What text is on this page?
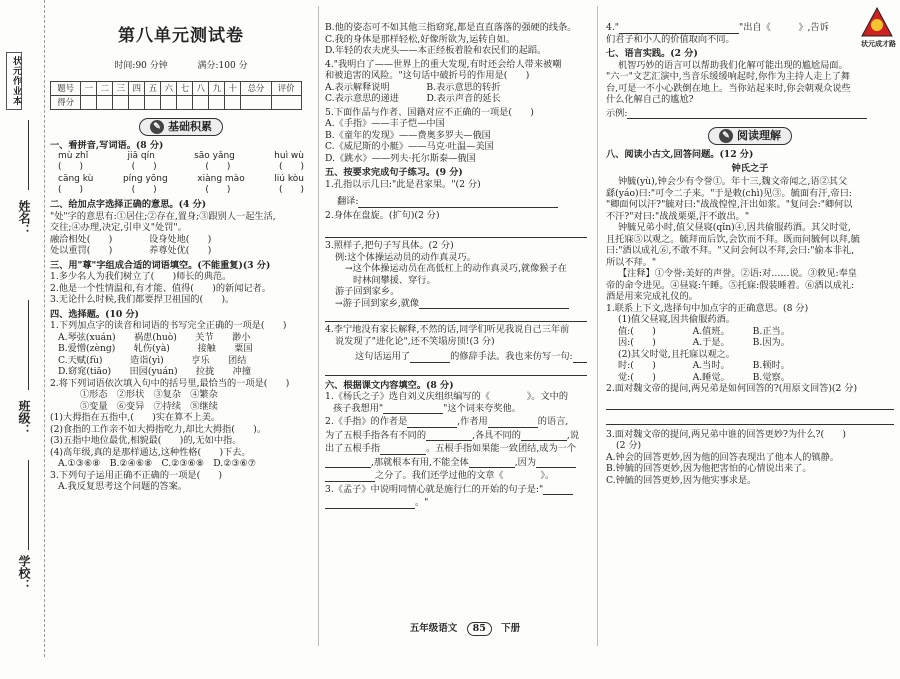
状元作业本
姓名：
班级：
学校：
第八单元测试卷
时间:90 分钟	满分:100 分
题号	一	二	三	四	五	六	七	八	九	十	总分	评价
得分												
✎ 基础积累
一、看拼音,写词语。(8 分)
mù zhǐ	jiā qín	sāo yǎng	huì wù
(　　)	(　　)	(　　)	(　　)
cāng kù	píng yōng	xiàng mào	liú kòu
(　　)	(　　)	(　　)	(　　)
二、给加点字选择正确的意思。(4 分)
"处"字的意思有:①居住;②存在,置身;③跟别人一起生活,
交往;④办理,决定,引申义"处罚"。
融洽相处(　　)　　　　设身处地(　　)
处以重罚(　　)　　　　养尊处优(　　)
三、用"尊"字组成合适的词语填空。(不能重复)(3 分)
1.多少名人为我们树立了(　　)师长的典范。
2.他是一个性情温和,有才能、值得(　　)的新闻记者。
3.无论什么时候,我们都要捍卫祖国的(　　)。
四、选择题。(10 分)
1.下列加点字的读音和词语的书写完全正确的一项是(　　)
A.琴弦(xuán)　　祸患(huò)　　关节　　渺小
B.爱憎(zèng)　　轧伤(yà)　　　接触　　粟国
C.天赋(fù)　　　造诣(yì)　　　亨乐　　团结
D.窈窕(tiāo)　　田园(yuán)　　拉拢　　冲撞
2.将下列词语依次填入句中的括号里,最恰当的一项是(　　)
①形态　②形状　③复杂　④繁杂
⑤变量　⑥变异　⑦持续　⑧继续
(1)大拇指在五指中,(　　)实在算不上美。
(2)食指的工作亲不如大拇指吃力,却比大拇指(　　)。
(3)五指中地位最优,相貌最(　　)的,无如中指。
(4)高年级,真的是那样通达,这种性格(　　)下去。
A.①③⑥⑧　B.②④⑥⑧　C.②③⑥⑧　D.②③⑥⑦
3.下列句子运用正确不正确的一项是(　　)
A.我反复思考这个问题的答案。
B.他的姿态可不如其他三指窈窕,都是直直落落的强硬的线条。
C.我的身体是那样轻松,好像所欲为,运转自如。
D.年轻的农夫虎头——本正经板着脸和农民们的起蹈。
4."我明白了——世界上的重大发现,有时还会给人带来被嘲
和被追害的风险。"这句话中破折号的作用是(　　)
A.表示解释说明　　　　B.表示意思的转折
C.表示意思的递进　　　D.表示声音的延长
5.下面作品与作者、国籍对应不正确的一项是(　　)
A.《手指》——丰子恺—中国
B.《童年的发现》——费奥多罗夫—俄国
C.《威尼斯的小艇》——马克·吐温—美国
D.《跳水》——列夫·托尔斯泰—俄国
五、按要求完成句子练习。(9 分)
1.孔指以示几曰:"此是君家果。"(2 分)
翻译:
2.身体在盘旋。(扩句)(2 分)
3.照样子,把句子写具体。(2 分)
例:这个体操运动员的动作真灵巧。
→这个体操运动员在高低杠上的动作真灵巧,就像猴子在
时林间攀援、穿行。
游子回到家乡。
→游子回到家乡,就像
4.李宁地没有家长解释,不然的话,同学们听见我说自己三年前
说发现了"进化论",还不笑塌房顶!(3 分)
这句话运用了	的修辞手法。我也来仿写一句:
六、根据课文内容填空。(8 分)
1.《杨氏之子》选自刘义庆组织编写的《　　　　》。文中的
孩子我想用"	"这个词来夸奖他。
2.《手指》的作者是	,作者用	的语言,
为了五根手指各有不同的	,各具不同的	,说
出了五根手指	。五根手指如果能一致团结,成为一个
,那就根本有用,不能全体	,因为
之分了。我们还学过他的文章《　　　　》。
3.《孟子》中说明同情心就是施行仁的开始的句子是:"
。"
4."	"出自《　　　》,告诉
们君子和小人的价值取向不同。
七、语言实践。(2 分)
机智巧妙的语言可以帮助我们化解可能出现的尴尬局面。
"六一"文艺汇演中,当音乐缓缓响起时,你作为主持人走上了舞
台,可是一不小心跌倒在地上。当你站起来时,你会朝观众说些
什么化解自己的尴尬?
示例:
✎ 阅读理解
八、阅读小古文,回答问题。(12 分)
钟氏之子
钟毓(yù),钟会少有令誉①。年十三,魏文帝闻之,语②其父
繇(yáo)曰:"可令二子来。"于是敕(chì)见③。毓面有汗,帝曰:
"卿面何以汗?"毓对曰:"战战惶惶,汗出如浆。"复问会:"卿何以
不汗?"对曰:"战战栗栗,汗不敢出。"
钟毓兄弟小时,值父昼寝(qǐn)④,因共偷服药酒。其父时觉,
且托寐⑤以观之。毓拜而后饮,会饮而不拜。既而问毓何以拜,毓
曰:"酒以成礼⑥,不敢不拜。"又问会何以不拜,会曰:"偷本非礼,
所以不拜。"
【注释】①令誉:美好的声誉。②语:对……说。③敕见:奉皇
帝的命令进见。④昼寝:午睡。⑤托寐:假装睡着。⑥酒以成礼:
酒是用来完成礼仪的。
1.联系上下文,选择句中加点字的正确意思。(8 分)
(1)值父昼寝,因共偷服药酒。
值:(　　)　　　　A.值班。　　　B.正当。
因:(　　)　　　　A.于是。　　　B.因为。
(2)其父时觉,且托寐以观之。
时:(　　)　　　　A.当时。　　　B.顿时。
觉:(　　)　　　　A.睡觉。　　　B.觉察。
2.面对魏文帝的提问,两兄弟是如何回答的?(用原文回答)(2 分)
3.面对魏文帝的提问,两兄弟中谁的回答更妙?为什么?(　　)
(2 分)
A.钟会的回答更妙,因为他的回答表现出了他本人的镇静。
B.钟毓的回答更妙,因为他把害怕的心情说出来了。
C.钟毓的回答更妙,因为他实事求是。
状元成才路
五年级语文 85 下册
